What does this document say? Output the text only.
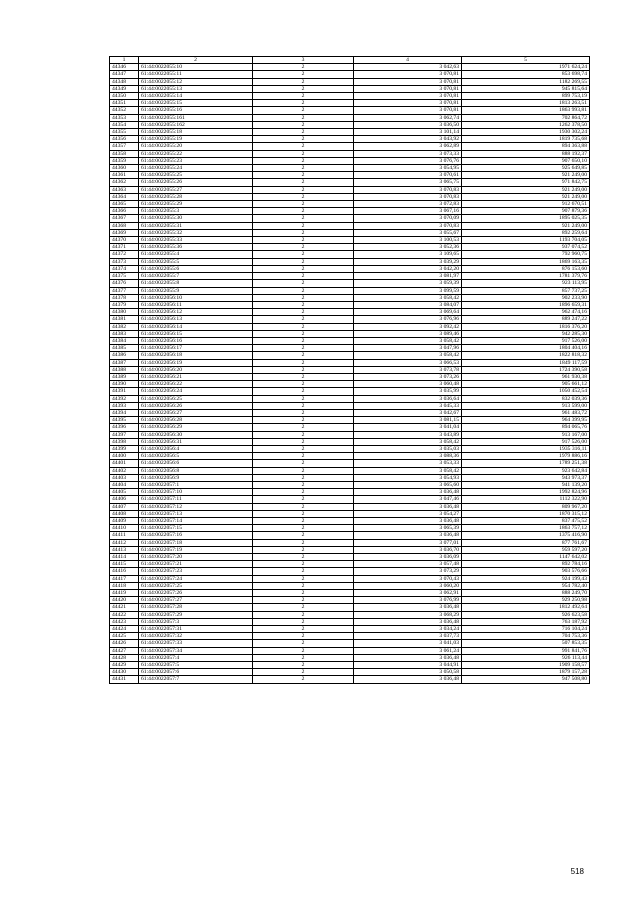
1	2	3	4	5
44346	61:44:0022055:10	2	3 042,63	1971 624,24
44347	61:44:0022055:11	2	3 070,81	853 698,74
44348	61:44:0022055:12	2	3 070,81	1182 269,55
44349	61:44:0022055:13	2	3 070,81	945 815,64
44350	61:44:0022055:14	2	3 070,81	899 753,19
44351	61:44:0022055:15	2	3 070,81	1813 263,51
44352	61:44:0022055:16	2	3 070,81	1863 993,81
44353	61:44:0022055:161	2	3 062,74	702 864,72
44354	61:44:0022055:162	2	3 036,50	1262 378,50
44355	61:44:0022055:18	2	3 101,14	1930 302,24
44356	61:44:0022055:19	2	3 043,92	1819 735,68
44357	61:44:0022055:20	2	3 062,89	894 363,88
44358	61:44:0022055:22	2	3 073,33	888 192,37
44359	61:44:0022055:23	2	3 076,76	907 650,10
44360	61:44:0022055:24	2	3 054,95	925 649,85
44361	61:44:0022055:25	2	3 070,61	921 249,00
44362	61:44:0022055:26	2	3 065,75	971 842,75
44363	61:44:0022055:27	2	3 070,83	921 249,00
44364	61:44:0022055:28	2	3 070,83	921 249,00
44365	61:44:0022055:29	2	3 072,83	912 670,51
44366	61:44:0022055:3	2	3 067,16	907 879,36
44367	61:44:0022055:30	2	3 070,09	1895 025,35
44368	61:44:0022055:31	2	3 070,83	921 249,00
44369	61:44:0022055:32	2	3 055,67	892 259,64
44370	61:44:0022055:33	2	3 100,53	1193 704,05
44371	61:44:0022055:36	2	3 052,36	937 074,52
44372	61:44:0022055:4	2	3 109,65	792 960,75
44373	61:44:0022055:5	2	3 039,29	1869 163,35
44374	61:44:0022055:6	2	3 042,20	876 153,60
44375	61:44:0022055:7	2	3 081,97	1781 379,76
44376	61:44:0022055:8	2	3 059,39	923 113,95
44377	61:44:0022055:9	2	3 099,59	857 737,25
44378	61:44:0022056:10	2	3 058,42	902 233,90
44379	61:44:0022056:11	2	3 084,07	1896 659,31
44380	61:44:0022056:12	2	3 069,64	962 474,16
44381	61:44:0022056:13	2	3 076,96	889 247,22
44382	61:44:0022056:14	2	3 092,42	1816 376,20
44383	61:44:0022056:15	2	3 089,46	942 285,30
44384	61:44:0022056:16	2	3 058,42	917 526,00
44385	61:44:0022056:17	2	3 047,96	1804 404,16
44386	61:44:0022056:18	2	3 058,42	1822 818,32
44387	61:44:0022056:19	2	3 066,53	1849 117,59
44388	61:44:0022056:20	2	3 073,78	1724 390,58
44389	61:44:0022056:21	2	3 073,26	961 930,38
44390	61:44:0022056:22	2	3 060,48	905 661,12
44391	61:44:0022056:24	2	3 035,99	1050 452,54
44392	61:44:0022056:25	2	3 036,64	832 039,36
44393	61:44:0022056:26	2	3 045,33	913 599,00
44394	61:44:0022056:27	2	3 042,67	961 483,72
44395	61:44:0022056:28	2	3 081,15	964 399,95
44396	61:44:0022056:29	2	3 041,04	894 065,76
44397	61:44:0022056:30	2	3 043,89	913 167,00
44398	61:44:0022056:31	2	3 058,42	917 526,00
44399	61:44:0022056:4	2	3 035,03	1935 316,11
44400	61:44:0022056:5	2	3 088,36	1979 886,16
44401	61:44:0022056:6	2	3 053,33	1789 251,38
44402	61:44:0022056:8	2	3 058,42	923 642,84
44403	61:44:0022056:9	2	3 054,93	943 973,37
44404	61:44:0022057:1	2	3 065,60	941 139,20
44405	61:44:0022057:10	2	3 036,48	1992 824,96
44406	61:44:0022057:11	2	3 047,46	1112 322,90
44407	61:44:0022057:12	2	3 036,48	809 967,20
44408	61:44:0022057:13	2	3 054,27	1870 315,12
44409	61:44:0022057:14	2	3 036,48	837 475,52
44410	61:44:0022057:15	2	3 065,39	1863 757,12
44411	61:44:0022057:16	2	3 036,48	1375 416,90
44412	61:44:0022057:18	2	3 077,01	877 761,67
44413	61:44:0022057:19	2	3 036,70	959 597,20
44414	61:44:0022057:20	2	3 036,09	1147 642,02
44415	61:44:0022057:21	2	3 057,48	892 784,16
44416	61:44:0022057:23	2	3 073,29	903 576,66
44417	61:44:0022057:24	2	3 070,43	924 199,43
44418	61:44:0022057:25	2	3 060,20	954 782,40
44419	61:44:0022057:26	2	3 062,91	888 249,70
44420	61:44:0022057:27	2	3 076,99	929 250,98
44421	61:44:0022057:28	2	3 036,48	1812 492,64
44422	61:44:0022057:29	2	3 068,29	926 623,58
44423	61:44:0022057:3	2	3 036,48	763 187,92
44424	61:44:0022057:31	2	3 034,24	716 104,24
44425	61:44:0022057:32	2	3 037,73	704 753,36
44426	61:44:0022057:33	2	3 041,03	507 853,35
44427	61:44:0022057:34	2	3 061,24	991 841,76
44428	61:44:0022057:4	2	3 036,48	926 113,44
44429	61:44:0022057:5	2	3 044,91	1909 158,57
44430	61:44:0022057:6	2	3 050,58	1879 157,28
44431	61:44:0022057:7	2	3 036,48	947 508,80
518
